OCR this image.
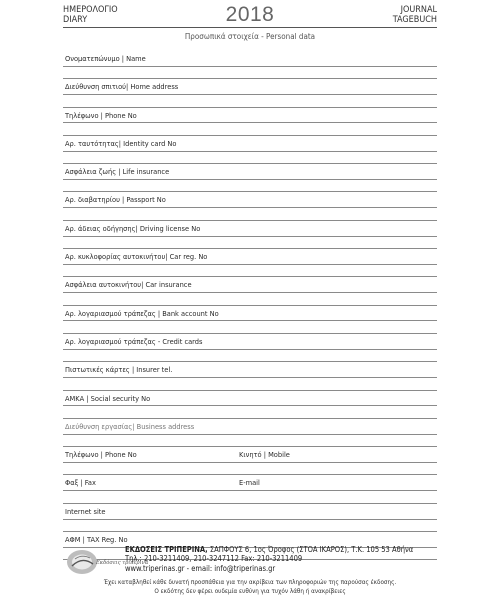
ΗΜΕΡΟΛΟΓΙΟ
DIARY	2018	JOURNAL
TAGEBUCH
Προσωπικά στοιχεία - Personal data
Ονοματεπώνυμο | Name
Διεύθυνση σπιτιού| Home address
Τηλέφωνο | Phone No
Αρ. ταυτότητας| Identity card No
Ασφάλεια ζωής | Life insurance
Αρ. διαβατηρίου | Passport No
Αρ. άδειας οδήγησης| Driving license No
Αρ. κυκλοφορίας αυτοκινήτου| Car reg. No
Ασφάλεια αυτοκινήτου| Car insurance
Αρ. λογαριασμού τράπεζας | Bank account No
Αρ. λογαριασμού τράπεζας - Credit cards
Πιστωτικές κάρτες | Insurer tel.
ΑΜΚΑ | Social security No
Διεύθυνση εργασίας| Business address
Τηλέφωνο | Phone No	Κινητό | Mobile
Φαξ | Fax	E-mail
Internet site
ΑΦΜ | TAX Reg. No
Εκδόσεις τριπέρινα
ΕΚΔΟΣΕΙΣ ΤΡΙΠΕΡΙΝΑ, ΣΑΠΦΟΥΣ 6, 1ος Όροφος (ΣΤΟΑ ΙΚΑΡΟΣ), Τ.Κ. 105 53 Αθήνα
Τηλ.: 210-3211409, 210-3247112 Fax: 210-3211409
www.triperinas.gr - email: info@triperinas.gr
Έχει καταβληθεί κάθε δυνατή προσπάθεια για την ακρίβεια των πληροφοριών της παρούσας έκδοσης.
Ο εκδότης δεν φέρει ουδεμία ευθύνη για τυχόν λάθη ή ανακρίβειες
